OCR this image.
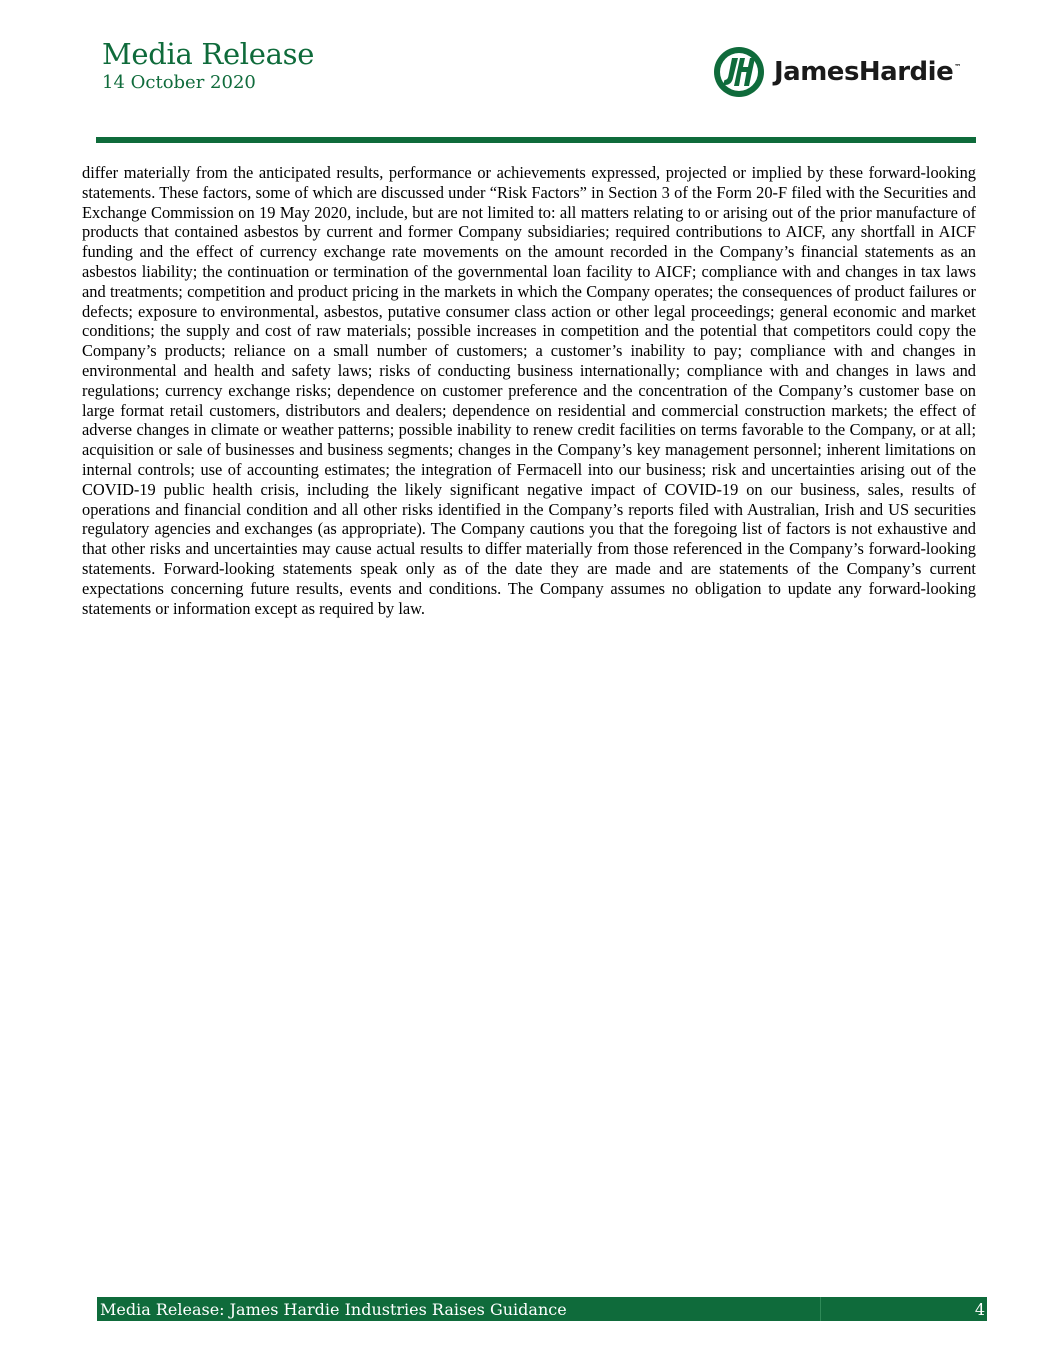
Media Release
14 October 2020	JamesHardie™

differ materially from the anticipated results, performance or achievements expressed, projected or implied by these forward-looking statements. These factors, some of which are discussed under “Risk Factors” in Section 3 of the Form 20-F filed with the Securities and Exchange Commission on 19 May 2020, include, but are not limited to: all matters relating to or arising out of the prior manufacture of products that contained asbestos by current and former Company subsidiaries; required contributions to AICF, any shortfall in AICF funding and the effect of currency exchange rate movements on the amount recorded in the Company’s financial statements as an asbestos liability; the continuation or termination of the governmental loan facility to AICF; compliance with and changes in tax laws and treatments; competition and product pricing in the markets in which the Company operates; the consequences of product failures or defects; exposure to environmental, asbestos, putative consumer class action or other legal proceedings; general economic and market conditions; the supply and cost of raw materials; possible increases in competition and the potential that competitors could copy the Company’s products; reliance on a small number of customers; a customer’s inability to pay; compliance with and changes in environmental and health and safety laws; risks of conducting business internationally; compliance with and changes in laws and regulations; currency exchange risks; dependence on customer preference and the concentration of the Company’s customer base on large format retail customers, distributors and dealers; dependence on residential and commercial construction markets; the effect of adverse changes in climate or weather patterns; possible inability to renew credit facilities on terms favorable to the Company, or at all; acquisition or sale of businesses and business segments; changes in the Company’s key management personnel; inherent limitations on internal controls; use of accounting estimates; the integration of Fermacell into our business; risk and uncertainties arising out of the COVID-19 public health crisis, including the likely significant negative impact of COVID-19 on our business, sales, results of operations and financial condition and all other risks identified in the Company’s reports filed with Australian, Irish and US securities regulatory agencies and exchanges (as appropriate). The Company cautions you that the foregoing list of factors is not exhaustive and that other risks and uncertainties may cause actual results to differ materially from those referenced in the Company’s forward-looking statements. Forward-looking statements speak only as of the date they are made and are statements of the Company’s current expectations concerning future results, events and conditions. The Company assumes no obligation to update any forward-looking statements or information except as required by law.

Media Release: James Hardie Industries Raises Guidance	4
